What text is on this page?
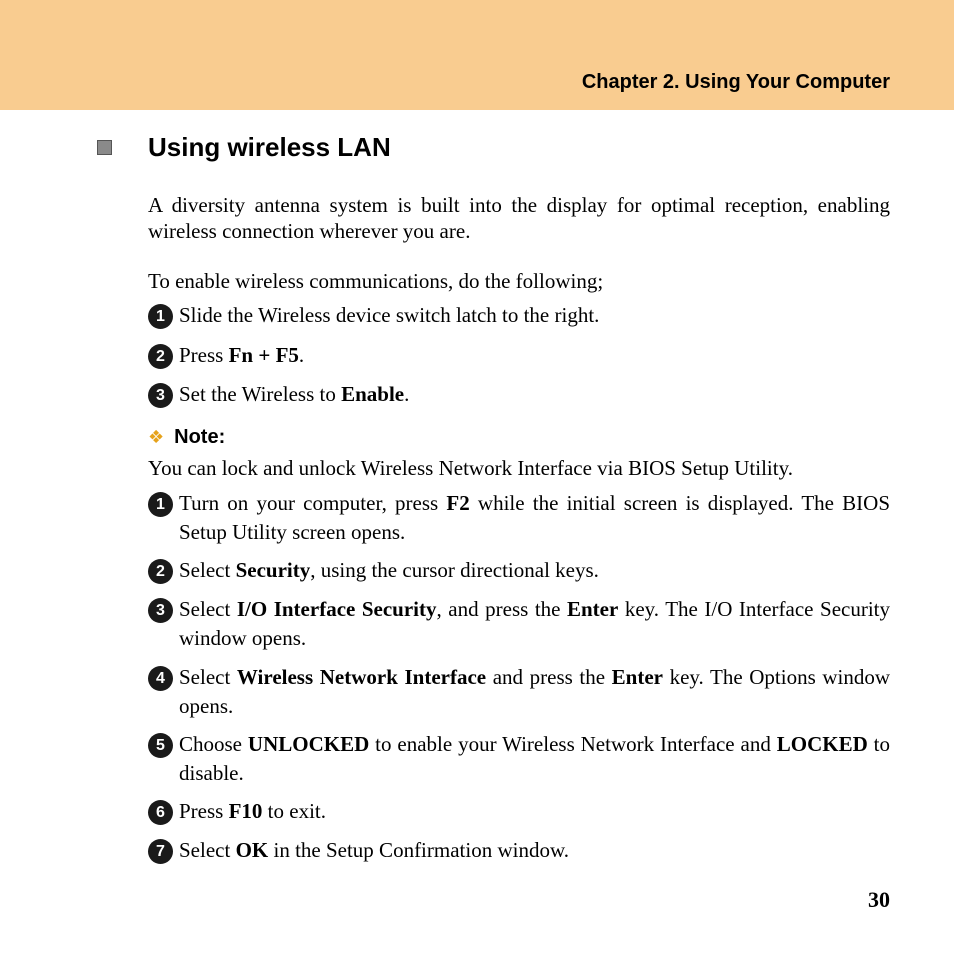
Chapter 2. Using Your Computer
Using wireless LAN
A diversity antenna system is built into the display for optimal reception, enabling wireless connection wherever you are.
To enable wireless communications, do the following;
1 Slide the Wireless device switch latch to the right.
2 Press Fn + F5.
3 Set the Wireless to Enable.
❖ Note:
You can lock and unlock Wireless Network Interface via BIOS Setup Utility.
1 Turn on your computer, press F2 while the initial screen is displayed. The BIOS Setup Utility screen opens.
2 Select Security, using the cursor directional keys.
3 Select I/O Interface Security, and press the Enter key. The I/O Interface Security window opens.
4 Select Wireless Network Interface and press the Enter key. The Options window opens.
5 Choose UNLOCKED to enable your Wireless Network Interface and LOCKED to disable.
6 Press F10 to exit.
7 Select OK in the Setup Confirmation window.
30
